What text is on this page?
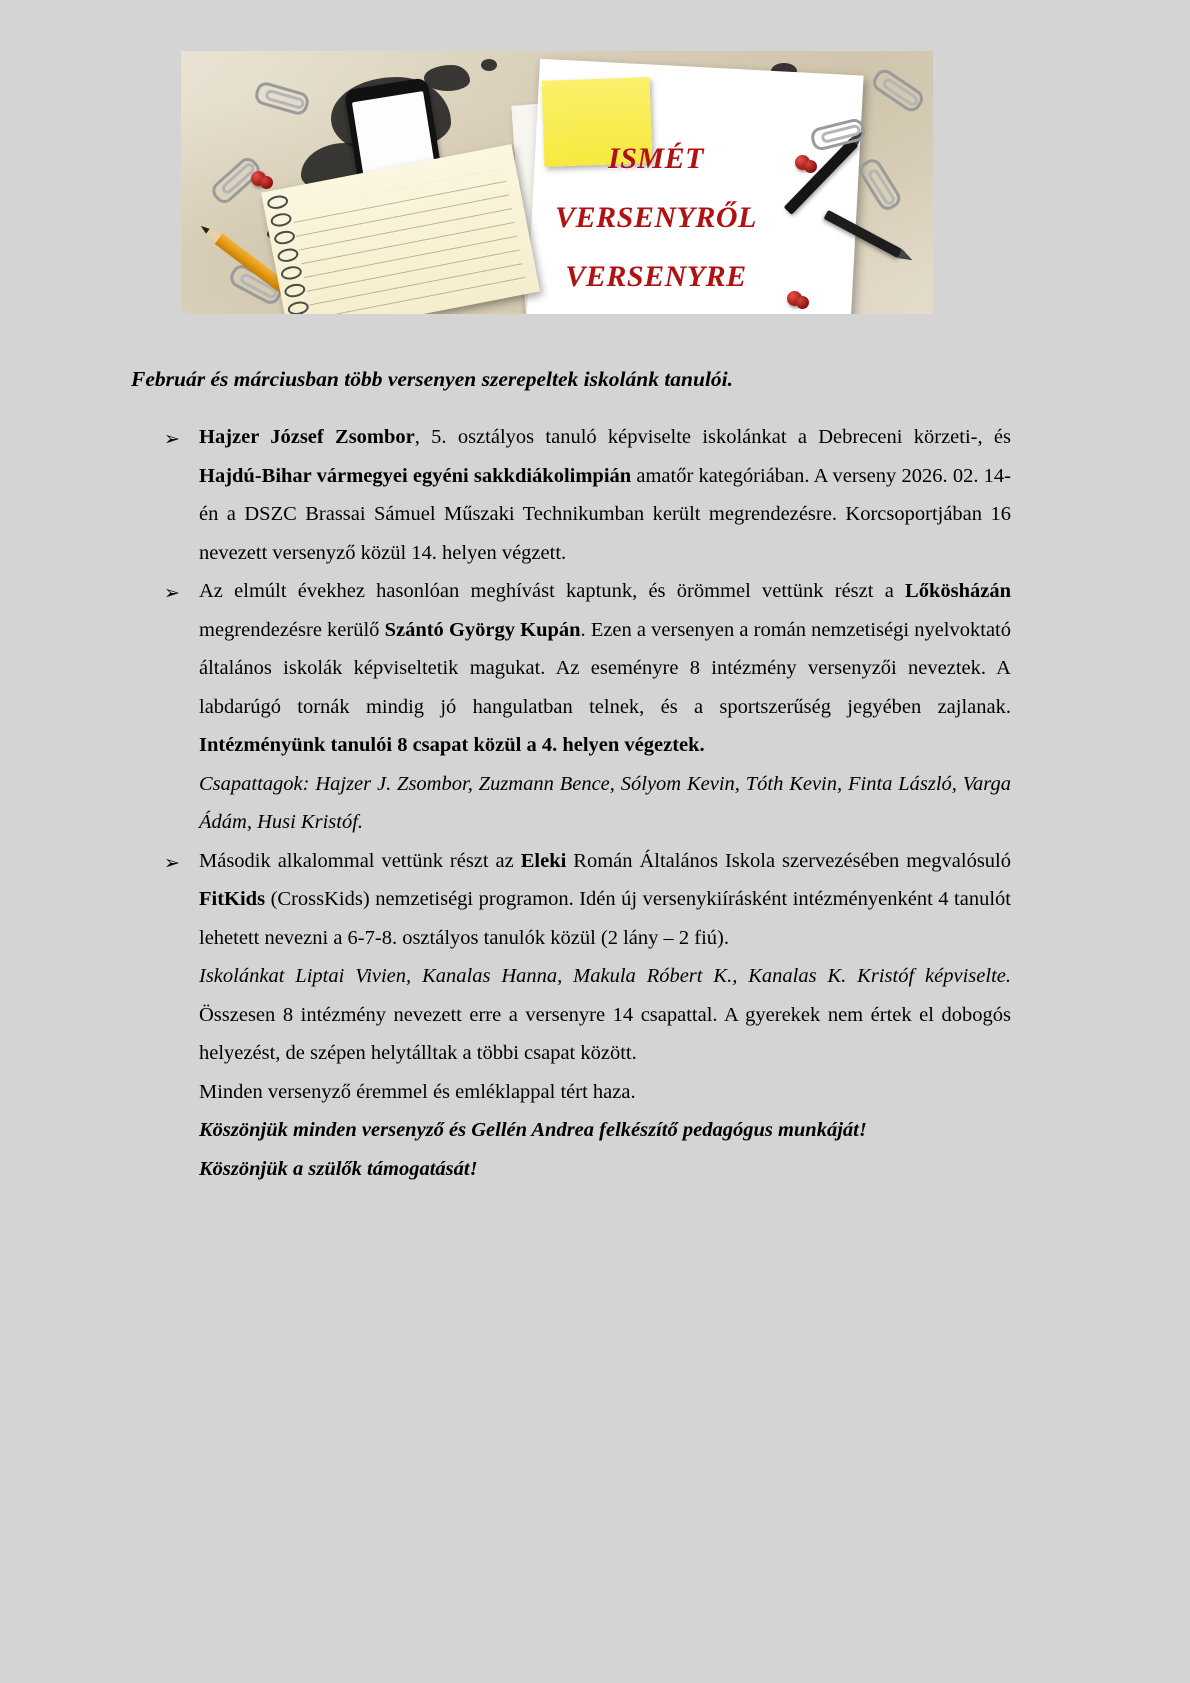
ISMÉT
VERSENYRŐL
VERSENYRE
Február és márciusban több versenyen szerepeltek iskolánk tanulói.
➢ Hajzer József Zsombor, 5. osztályos tanuló képviselte iskolánkat a Debreceni körzeti-, és Hajdú-Bihar vármegyei egyéni sakkdiákolimpián amatőr kategóriában. A verseny 2026. 02. 14-én a DSZC Brassai Sámuel Műszaki Technikumban került megrendezésre. Korcsoportjában 16 nevezett versenyző közül 14. helyen végzett.

➢ Az elmúlt évekhez hasonlóan meghívást kaptunk, és örömmel vettünk részt a Lőkösházán megrendezésre kerülő Szántó György Kupán. Ezen a versenyen a román nemzetiségi nyelvoktató általános iskolák képviseltetik magukat. Az eseményre 8 intézmény versenyzői neveztek. A labdarúgó tornák mindig jó hangulatban telnek, és a sportszerűség jegyében zajlanak. Intézményünk tanulói 8 csapat közül a 4. helyen végeztek.

Csapattagok: Hajzer J. Zsombor, Zuzmann Bence, Sólyom Kevin, Tóth Kevin, Finta László, Varga Ádám, Husi Kristóf.

➢ Második alkalommal vettünk részt az Eleki Román Általános Iskola szervezésében megvalósuló FitKids (CrossKids) nemzetiségi programon. Idén új versenykiírásként intézményenként 4 tanulót lehetett nevezni a 6-7-8. osztályos tanulók közül (2 lány – 2 fiú).

Iskolánkat Liptai Vivien, Kanalas Hanna, Makula Róbert K., Kanalas K. Kristóf képviselte. Összesen 8 intézmény nevezett erre a versenyre 14 csapattal. A gyerekek nem értek el dobogós helyezést, de szépen helytálltak a többi csapat között.

Minden versenyző éremmel és emléklappal tért haza.

Köszönjük minden versenyző és Gellén Andrea felkészítő pedagógus munkáját!

Köszönjük a szülők támogatását!
